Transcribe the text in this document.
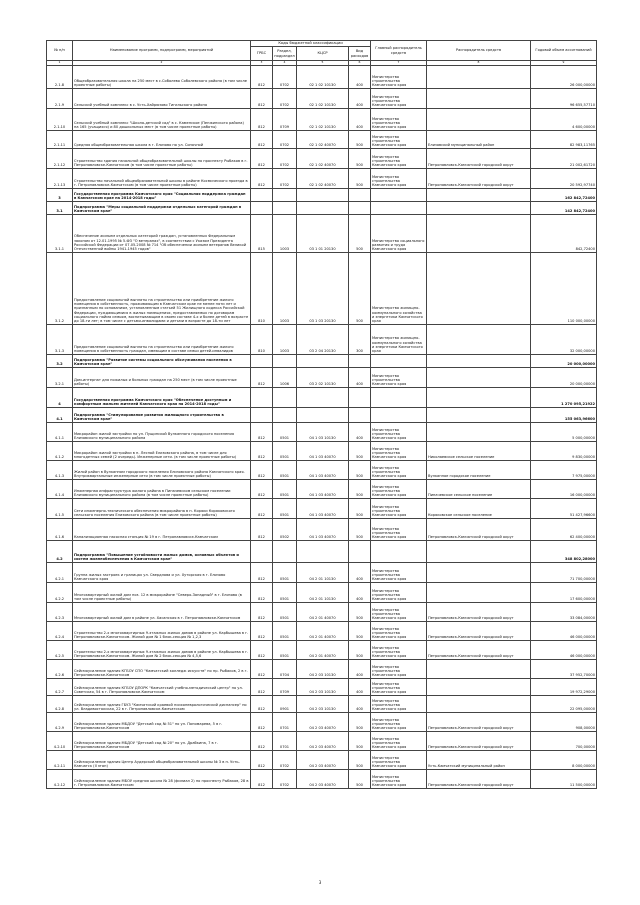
№ п/п	Наименование программ, подпрограмм, мероприятий	Коды бюджетной классификации				Главный распорядитель средств	Распорядитель средств	Годовой объем ассигнований
		ГРБС	Раздел, подраздел	КЦСР	Вид расходов			
1	2	3	4	5	6	7	8	9
2.1.8	Общеобразовательная школа на 250 мест в с.Соболево Соболевского района (в том числе проектные работы)	812	0702	02 1 02 10130	400	Министерство строительства Камчатского края		26 000,00000
2.1.9	Сельский учебный комплекс в с. Усть-Хайрюзово Тигильского района	812	0702	02 1 02 10130	400	Министерство строительства Камчатского края		96 655,57710
2.1.10	Сельский учебный комплекс "Школа-детский сад" в с. Каменское (Пенжинского района) на 165 (учащихся) и 80 дошкольных мест (в том числе проектные работы)	812	0709	02 1 02 10130	400	Министерство строительства Камчатского края		4 600,00000
2.1.11	Средняя общеобразовательная школа в г. Елизово по ул. Сопочной	812	0702	02 1 02 40070	500	Министерство строительства Камчатского края	Елизовский муниципальный район	82 983,11765
2.1.12	Строительство здания начальной общеобразовательной школы по проспекту Рыбаков в г. Петропавловске-Камчатском (в том числе проектные работы)	812	0702	02 1 02 40070	500	Министерство строительства Камчатского края	Петропавловск-Камчатский городской округ	21 002,61720
2.1.13	Строительство начальной общеобразовательной школы в районе Космического проезда в г. Петропавловске-Камчатском (в том числе проектные работы)	812	0702	02 1 02 40070	500	Министерство строительства Камчатского края	Петропавловск-Камчатский городской округ	20 592,97740
3	Государственная программа Камчатского края "Социальная поддержка граждан в Камчатском крае на 2014-2018 годы"							162 842,72400
3.1	Подпрограмма "Меры социальной поддержки отдельных категорий граждан в Камчатском крае"							142 842,72400
3.1.1	Обеспечение жильем отдельных категорий граждан, установленных Федеральным законом от 12.01.1995 № 5-ФЗ "О ветеранах", в соответствии с Указом Президента Российской Федерации от 07.05.2008 № 714 "Об обеспечении жильем ветеранов Великой Отечественной войны 1941-1945 годов"	815	1003	03 1 01 20130	500	Министерство социального развития и труда Камчатского края		842,72400
3.1.2	Предоставление социальной выплаты на строительство или приобретение жилого помещения в собственность, проживающим в Камчатском крае не менее пяти лет и признанным по основаниям, установленным статьей 51 Жилищного кодекса Российской Федерации, нуждающимися в жилых помещениях, предоставляемых по договорам социального найма семьям, воспитывающим в своем составе 4-х и более детей в возрасте до 18-ти лет; в том числе с детьми-инвалидами и детьми в возрасте до 18-ти лет	810	1003	03 1 03 20130	500	Министерство жилищно-коммунального хозяйства и энергетики Камчатского края		110 000,00000
3.1.3	Предоставление социальной выплаты на строительство или приобретение жилого помещения в собственность граждан, имеющим в составе семьи детей-инвалидов	810	1003	03 2 04 20130	300	Министерство жилищно-коммунального хозяйства и энергетики Камчатского края		32 000,00000
3.2	Подпрограмма "Развитие системы социального обслуживания населения в Камчатском крае"							20 000,00000
3.2.1	Дом-интернат для пожилых и больных граждан на 250 мест (в том числе проектные работы)	812	1006	03 2 02 10130	400	Министерство строительства Камчатского края		20 000,00000
4	Государственная программа Камчатского края "Обеспечение доступным и комфортным жильем жителей Камчатского края на 2014-2018 годы"							1 270 095,21922
4.1	Подпрограмма "Стимулирование развития жилищного строительства в Камчатском крае"							155 063,96600
4.1.1	Микрорайон жилой застройки по ул. Пущинской Вулканного городского поселения Елизовского муниципального района	812	0501	04 1 03 10130	400	Министерство строительства Камчатского края		5 000,00000
4.1.2	Микрорайон жилой застройки в п. Лесной Елизовского района, в том числе для многодетных семей (2 очередь). Инженерные сети. (в том числе проектные работы)	812	0501	04 1 03 40070	500	Министерство строительства Камчатского края	Николаевское сельское поселение	9 830,00000
4.1.3	Жилой район в Вулканном городского поселения Елизовского района Камчатского края. Внутриквартальные инженерные сети (в том числе проектные работы)	812	0501	04 1 03 40070	500	Министерство строительства Камчатского края	Вулканное городское поселение	7 975,00000
4.1.4	Инженерная инфраструктура жилого района в Пиначевском сельском поселении Елизовского муниципального района (в том числе проектные работы)	812	0501	04 1 03 40070	500	Министерство строительства Камчатского края	Пиначевское сельское поселение	16 000,00000
4.1.5	Сети инженерно-технического обеспечения микрорайона в п. Коряки Коряковского сельского поселения Елизовского района (в том числе проектные работы)	812	0501	04 1 03 40070	500	Министерство строительства Камчатского края	Коряковское сельское поселение	51 427,96600
4.1.6	Канализационная насосная станция № 19 в г. Петропавловске-Камчатском	812	0502	04 1 03 40070	500	Министерство строительства Камчатского края	Петропавловск-Камчатский городской округ	62 400,00000
4.2	Подпрограмма "Повышение устойчивости жилых домов, основных объектов и систем жизнеобеспечения в Камчатском крае"							348 802,28000
4.2.1	Группа жилых застроек и границах ул. Свердлова и ул. Хуторская в г. Елизово Камчатского края	812	0501	04 2 01 10130	400	Министерство строительства Камчатского края		71 700,00000
4.2.2	Многоквартирный жилой дом поз. 12 в микрорайоне "Северо-Западный" в г. Елизово (в том числе проектные работы)	812	0501	04 2 01 10130	400	Министерство строительства Камчатского края		17 600,00000
4.2.3	Многоквартирный жилой дом в районе ул. Хасанская в г. Петропавловске-Камчатском	812	0501	04 2 01 40070	500	Министерство строительства Камчатского края	Петропавловск-Камчатский городской округ	33 084,00000
4.2.4	Строительство 2-х многоквартирных 9-этажных жилых домов в районе ул. Карбышева в г. Петропавловске-Камчатском. Жилой дом № 1 блок-секция № 1,2,3	812	0501	04 2 01 40070	500	Министерство строительства Камчатского края	Петропавловск-Камчатский городской округ	46 000,00000
4.2.5	Строительство 2-х многоквартирных 9-этажных жилых домов в районе ул. Карбышева в г. Петропавловске-Камчатском. Жилой дом № 2 блок-секция № 4,5,6	812	0501	04 2 01 40070	500	Министерство строительства Камчатского края	Петропавловск-Камчатский городской округ	46 000,00000
4.2.6	Сейсмоусиление здания КГБОУ СПО "Камчатский колледж искусств" по пр. Рыбаков, 2 в г. Петропавловске-Камчатском	812	0704	04 2 03 10130	400	Министерство строительства Камчатского края		37 952,70000
4.2.7	Сейсмоусиление здания КГБОУ ДПОРК "Камчатский учебно-методический центр" по ул. Советская, 54 в г. Петропавловске-Камчатском	812	0709	04 2 03 10130	400	Министерство строительства Камчатского края		19 972,29000
4.2.8	Сейсмоусиление здания ГБУЗ "Камчатский краевой психоневрологический диспансер" по ул. Владивостокская, 22 в г. Петропавловске-Камчатском	812	0901	04 2 03 10130	400	Министерство строительства Камчатского края		22 095,00000
4.2.9	Сейсмоусиление здания МБДОУ "Детский сад № 51" по ул. Пономарева, 5 в г. Петропавловске-Камчатском	812	0701	04 2 03 40070	500	Министерство строительства Камчатского края	Петропавловск-Камчатский городской округ	908,00000
4.2.10	Сейсмоусиление здания МБДОУ "Детский сад № 20" по ул. Драбкина, 7 в г. Петропавловске-Камчатском	812	0701	04 2 03 40070	500	Министерство строительства Камчатского края	Петропавловск-Камчатский городской округ	700,00000
4.2.11	Сейсмоусиление здания Центр Аудерский общеобразовательной школы № 3 в п. Усть-Камчатск (II этап)	812	0702	04 2 03 40070	500	Министерство строительства Камчатского края	Усть-Камчатский муниципальный район	8 000,00000
4.2.12	Сейсмоусиление здания МБОУ средняя школа № 28 (филиал 2) по проспекту Рыбаков, 28 в г. Петропавловске-Камчатском	812	0702	04 2 03 40070	500	Министерство строительства Камчатского края	Петропавловск-Камчатский городской округ	11 500,00000
3
